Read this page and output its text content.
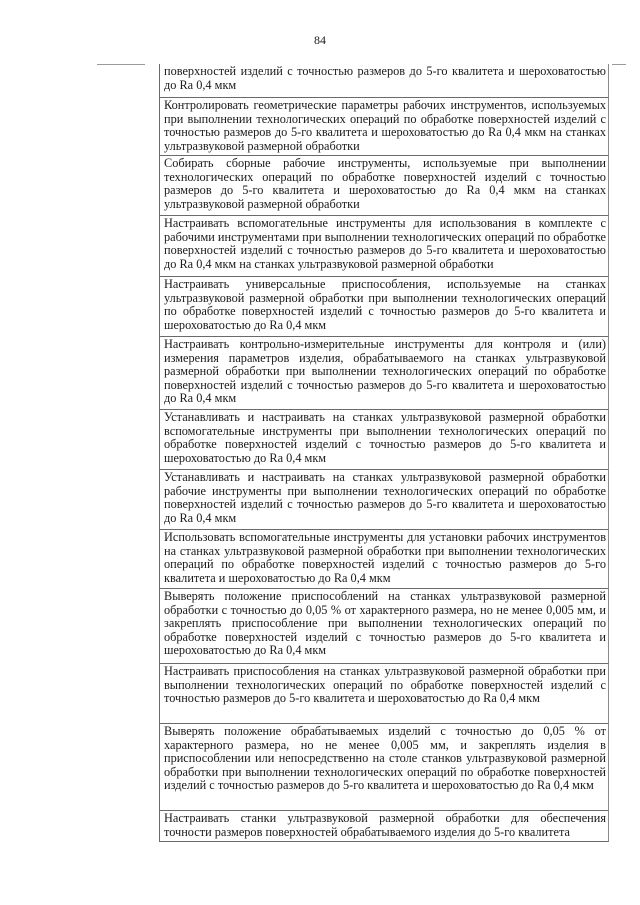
84
поверхностей изделий с точностью размеров до 5-го квалитета и шероховатостью до Ra 0,4 мкм
Контролировать геометрические параметры рабочих инструментов, используемых при выполнении технологических операций по обработке поверхностей изделий с точностью размеров до 5-го квалитета и шероховатостью до Ra 0,4 мкм на станках ультразвуковой размерной обработки
Собирать сборные рабочие инструменты, используемые при выполнении технологических операций по обработке поверхностей изделий с точностью размеров до 5-го квалитета и шероховатостью до Ra 0,4 мкм на станках ультразвуковой размерной обработки
Настраивать вспомогательные инструменты для использования в комплекте с рабочими инструментами при выполнении технологических операций по обработке поверхностей изделий с точностью размеров до 5-го квалитета и шероховатостью до Ra 0,4 мкм на станках ультразвуковой размерной обработки
Настраивать универсальные приспособления, используемые на станках ультразвуковой размерной обработки при выполнении технологических операций по обработке поверхностей изделий с точностью размеров до 5-го квалитета и шероховатостью до Ra 0,4 мкм
Настраивать контрольно-измерительные инструменты для контроля и (или) измерения параметров изделия, обрабатываемого на станках ультразвуковой размерной обработки при выполнении технологических операций по обработке поверхностей изделий с точностью размеров до 5-го квалитета и шероховатостью до Ra 0,4 мкм
Устанавливать и настраивать на станках ультразвуковой размерной обработки вспомогательные инструменты при выполнении технологических операций по обработке поверхностей изделий с точностью размеров до 5-го квалитета и шероховатостью до Ra 0,4 мкм
Устанавливать и настраивать на станках ультразвуковой размерной обработки рабочие инструменты при выполнении технологических операций по обработке поверхностей изделий с точностью размеров до 5-го квалитета и шероховатостью до Ra 0,4 мкм
Использовать вспомогательные инструменты для установки рабочих инструментов на станках ультразвуковой размерной обработки при выполнении технологических операций по обработке поверхностей изделий с точностью размеров до 5-го квалитета и шероховатостью до Ra 0,4 мкм
Выверять положение приспособлений на станках ультразвуковой размерной обработки с точностью до 0,05 % от характерного размера, но не менее 0,005 мм, и закреплять приспособление при выполнении технологических операций по обработке поверхностей изделий с точностью размеров до 5-го квалитета и шероховатостью до Ra 0,4 мкм
Настраивать приспособления на станках ультразвуковой размерной обработки при выполнении технологических операций по обработке поверхностей изделий с точностью размеров до 5-го квалитета и шероховатостью до Ra 0,4 мкм
Выверять положение обрабатываемых изделий с точностью до 0,05 % от характерного размера, но не менее 0,005 мм, и закреплять изделия в приспособлении или непосредственно на столе станков ультразвуковой размерной обработки при выполнении технологических операций по обработке поверхностей изделий с точностью размеров до 5-го квалитета и шероховатостью до Ra 0,4 мкм
Настраивать станки ультразвуковой размерной обработки для обеспечения точности размеров поверхностей обрабатываемого изделия до 5-го квалитета
